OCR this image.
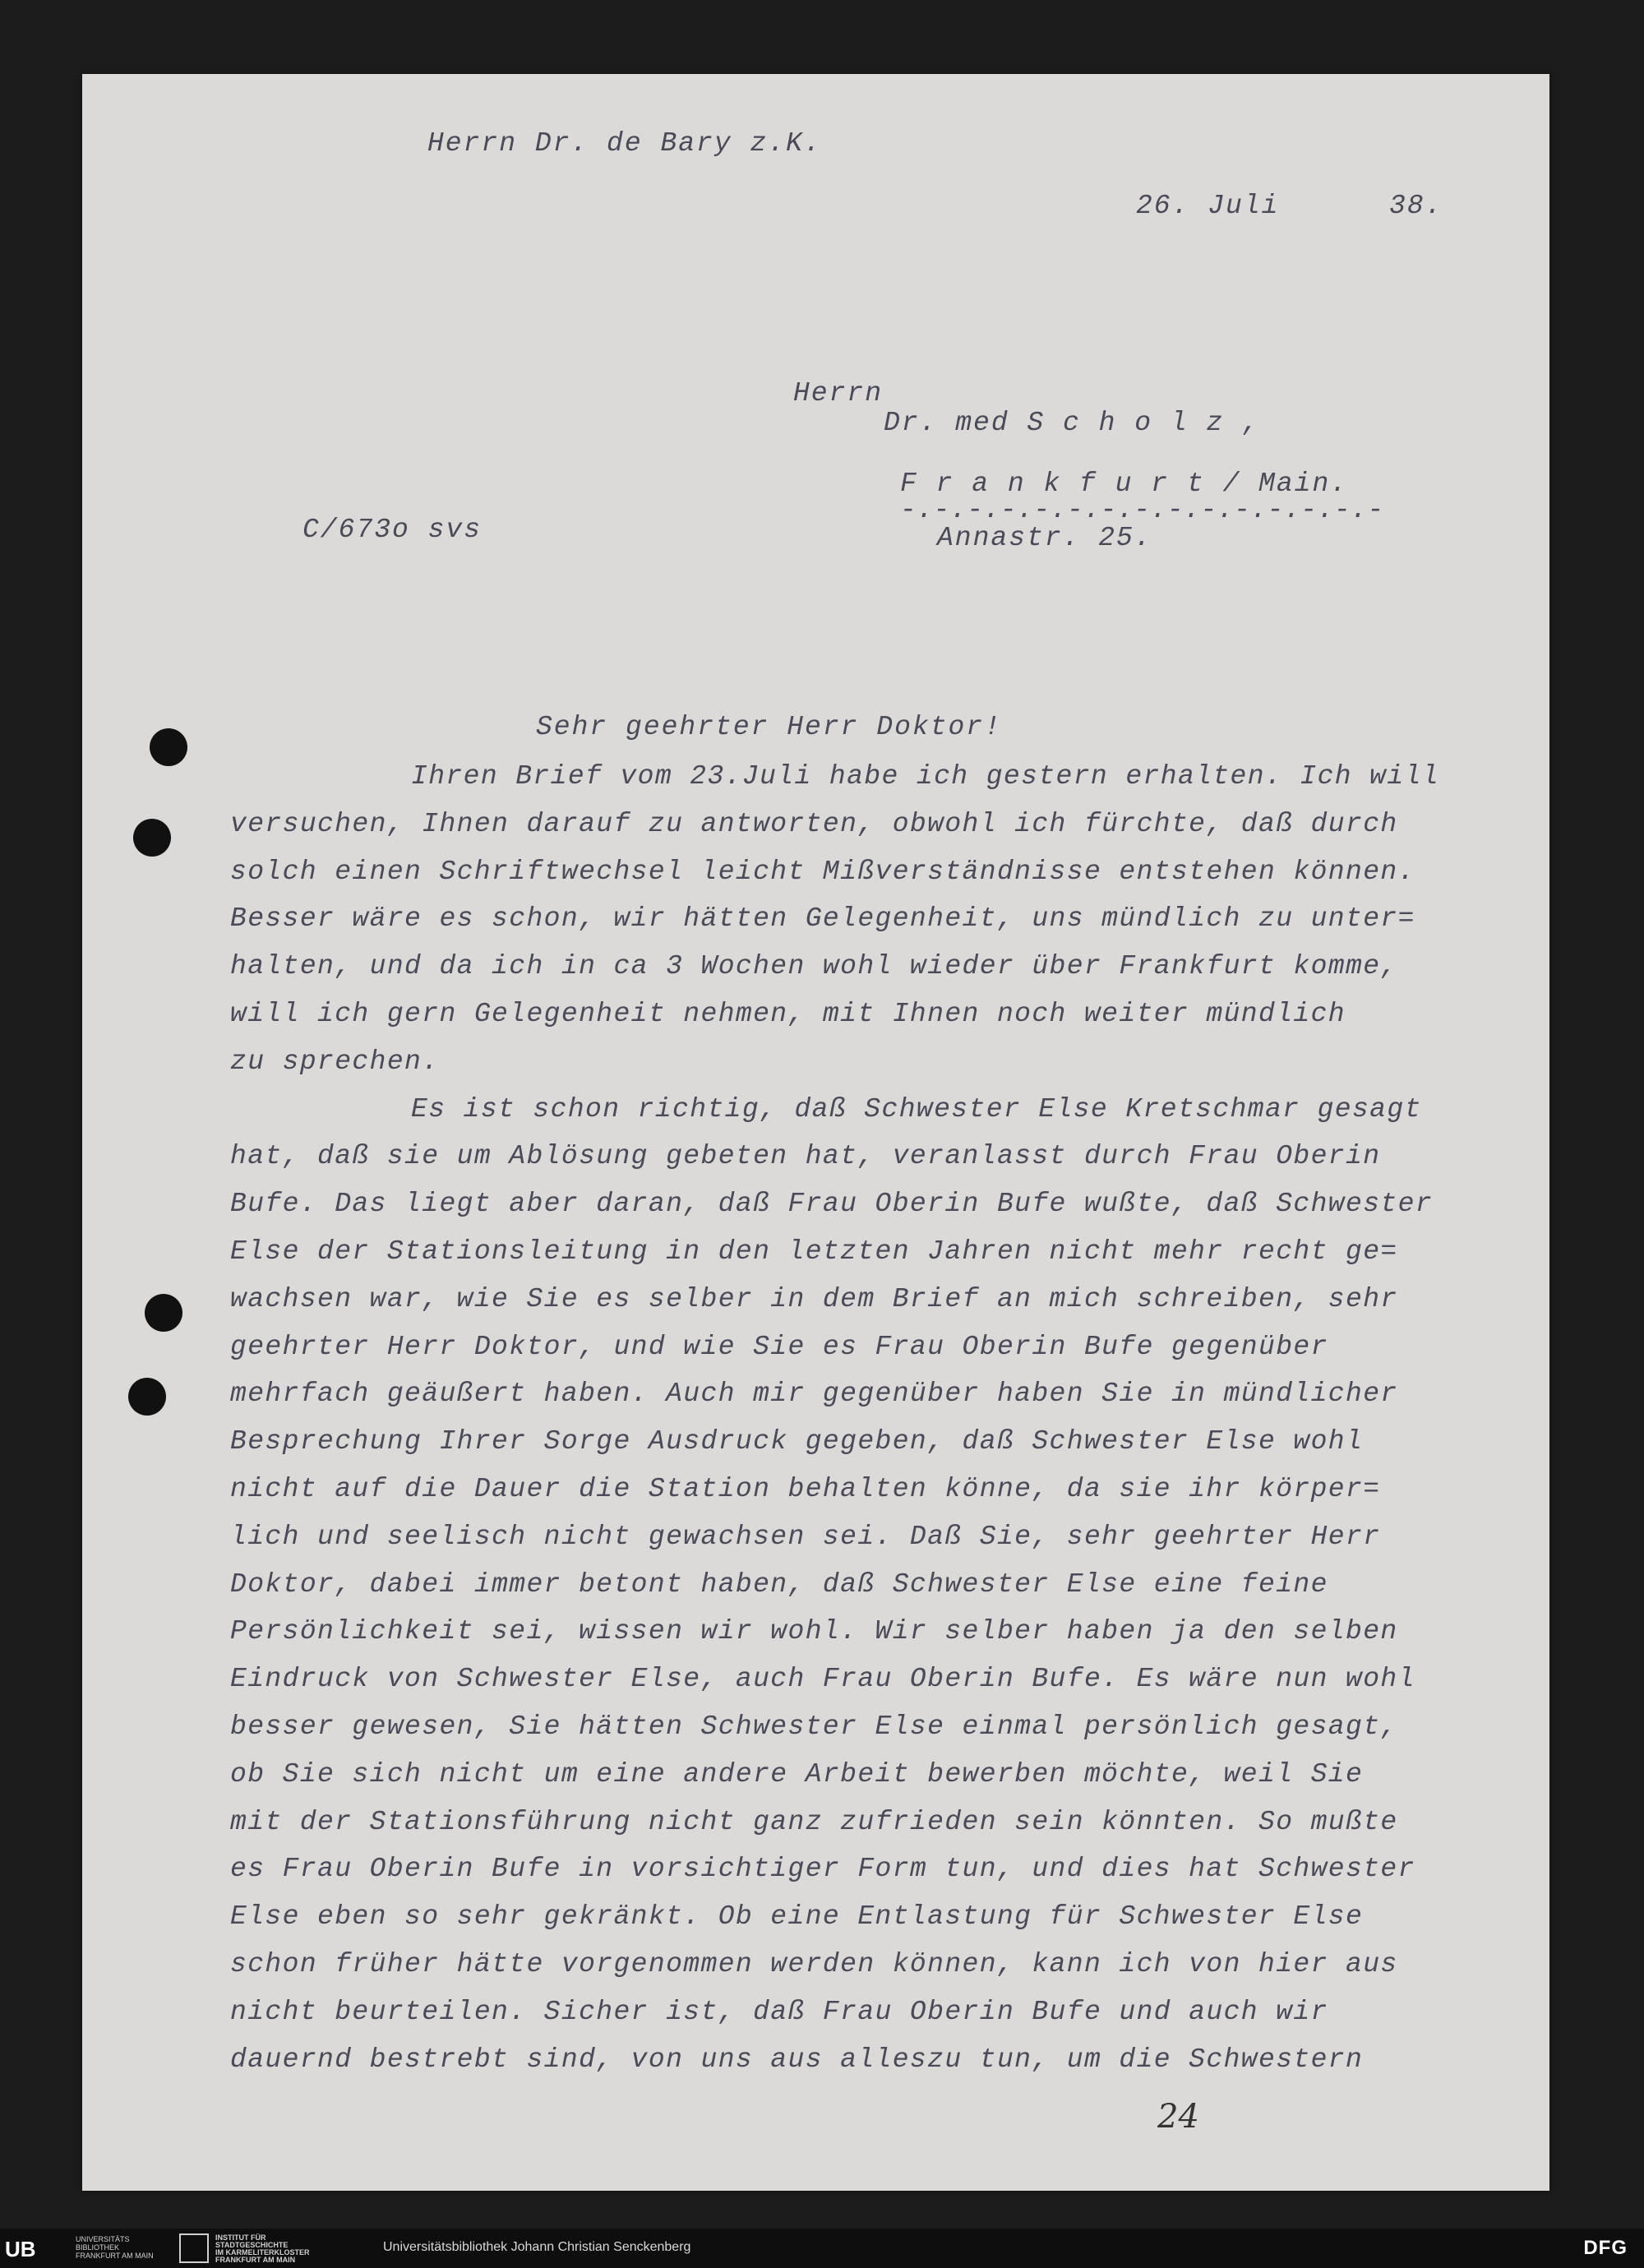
Herrn Dr. de Bary z.K.
26. Juli	38.
Herrn
Dr. med S c h o l z ,
F r a n k f u r t / Main.
-.-.-.-.-.-.-.-.-.-.-.-.-.-.-
Annastr. 25.
C/673o svs
Sehr geehrter Herr Doktor!
Ihren Brief vom 23.Juli habe ich gestern erhalten. Ich will
versuchen, Ihnen darauf zu antworten, obwohl ich fürchte, daß durch
solch einen Schriftwechsel leicht Mißverständnisse entstehen können.
Besser wäre es schon, wir hätten Gelegenheit, uns mündlich zu unter=
halten, und da ich in ca 3 Wochen wohl wieder über Frankfurt komme,
will ich gern Gelegenheit nehmen, mit Ihnen noch weiter mündlich
zu sprechen.
Es ist schon richtig, daß Schwester Else Kretschmar gesagt
hat, daß sie um Ablösung gebeten hat, veranlasst durch Frau Oberin
Bufe. Das liegt aber daran, daß Frau Oberin Bufe wußte, daß Schwester
Else der Stationsleitung in den letzten Jahren nicht mehr recht ge=
wachsen war, wie Sie es selber in dem Brief an mich schreiben, sehr
geehrter Herr Doktor, und wie Sie es Frau Oberin Bufe gegenüber
mehrfach geäußert haben. Auch mir gegenüber haben Sie in mündlicher
Besprechung Ihrer Sorge Ausdruck gegeben, daß Schwester Else wohl
nicht auf die Dauer die Station behalten könne, da sie ihr körper=
lich und seelisch nicht gewachsen sei. Daß Sie, sehr geehrter Herr
Doktor, dabei immer betont haben, daß Schwester Else eine feine
Persönlichkeit sei, wissen wir wohl. Wir selber haben ja den selben
Eindruck von Schwester Else, auch Frau Oberin Bufe. Es wäre nun wohl
besser gewesen, Sie hätten Schwester Else einmal persönlich gesagt,
ob Sie sich nicht um eine andere Arbeit bewerben möchte, weil Sie
mit der Stationsführung nicht ganz zufrieden sein könnten. So mußte
es Frau Oberin Bufe in vorsichtiger Form tun, und dies hat Schwester
Else eben so sehr gekränkt. Ob eine Entlastung für Schwester Else
schon früher hätte vorgenommen werden können, kann ich von hier aus
nicht beurteilen. Sicher ist, daß Frau Oberin Bufe und auch wir
dauernd bestrebt sind, von uns aus alleszu tun, um die Schwestern
24
UB	UNIVERSITÄTS
BIBLIOTHEK
FRANKFURT AM MAIN
INSTITUT FÜR
STADTGESCHICHTE
IM KARMELITERKLOSTER
FRANKFURT AM MAIN
Universitätsbibliothek Johann Christian Senckenberg	DFG
